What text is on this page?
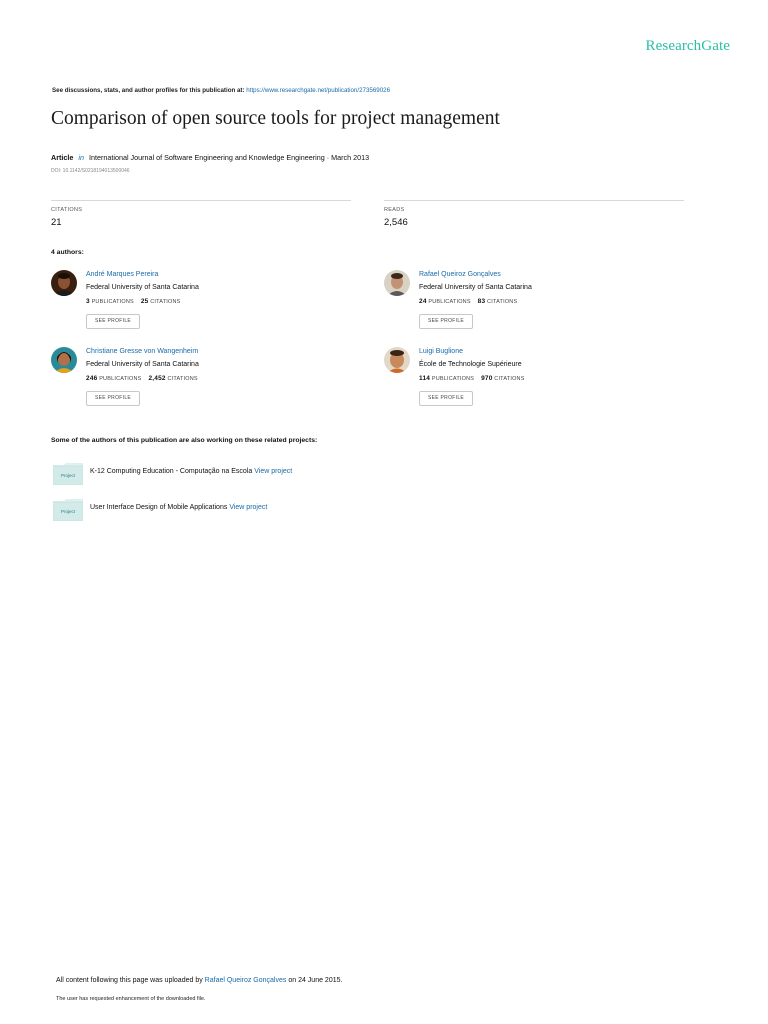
ResearchGate
See discussions, stats, and author profiles for this publication at: https://www.researchgate.net/publication/273569026
Comparison of open source tools for project management
Article in International Journal of Software Engineering and Knowledge Engineering · March 2013
DOI: 10.1142/S0218194013500046
CITATIONS
21
READS
2,546
4 authors:
André Marques Pereira
Federal University of Santa Catarina
3 PUBLICATIONS 25 CITATIONS
SEE PROFILE
Rafael Queiroz Gonçalves
Federal University of Santa Catarina
24 PUBLICATIONS 83 CITATIONS
SEE PROFILE
Christiane Gresse von Wangenheim
Federal University of Santa Catarina
246 PUBLICATIONS 2,452 CITATIONS
SEE PROFILE
Luigi Buglione
École de Technologie Supérieure
114 PUBLICATIONS 970 CITATIONS
SEE PROFILE
Some of the authors of this publication are also working on these related projects:
Project
K-12 Computing Education - Computação na Escola View project
Project
User Interface Design of Mobile Applications View project
All content following this page was uploaded by Rafael Queiroz Gonçalves on 24 June 2015.
The user has requested enhancement of the downloaded file.
